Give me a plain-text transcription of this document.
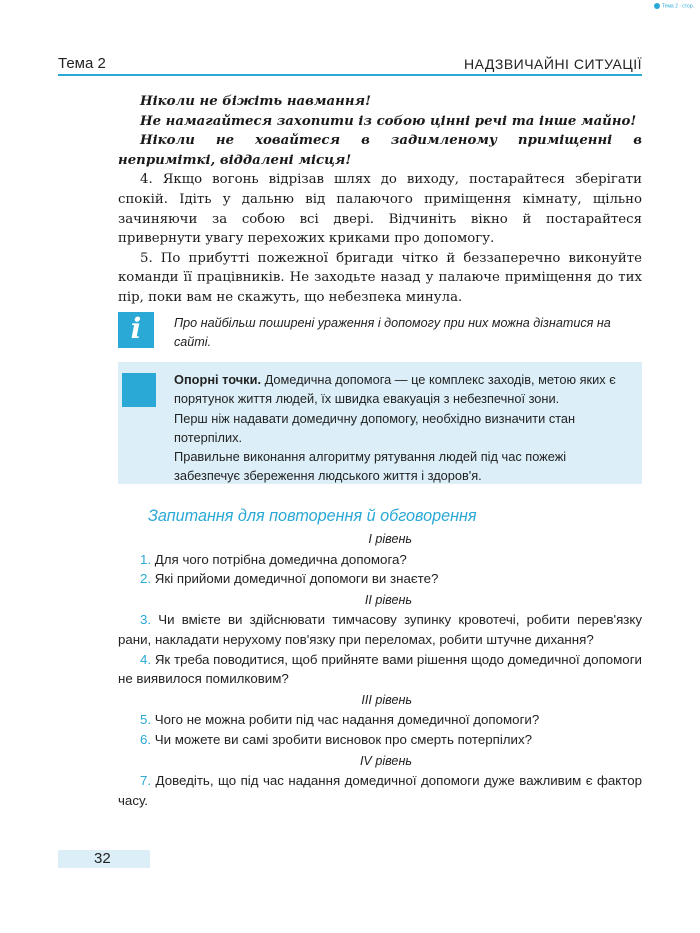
Тема 2 · стор.
Тема 2	НАДЗВИЧАЙНІ СИТУАЦІЇ

Ніколи не біжіть навмання!

Не намагайтеся захопити із собою цінні речі та інше майно!

Ніколи не ховайтеся в задимленому приміщенні в неприміткі, віддалені місця!

4. Якщо вогонь відрізав шлях до виходу, постарайтеся зберігати спокій. Ідіть у дальню від палаючого приміщення кімнату, щільно зачиняючи за собою всі двері. Відчиніть вікно й постарайтеся привернути увагу перехожих криками про допомогу.

5. По прибутті пожежної бригади чітко й беззаперечно виконуйте команди її працівників. Не заходьте назад у палаюче приміщення до тих пір, поки вам не скажуть, що небезпека минула.

i	Про найбільш поширені ураження і допомогу при них можна дізнатися на сайті.

Опорні точки. Домедична допомога — це комплекс заходів, метою яких є порятунок життя людей, їх швидка евакуація з небезпечної зони.

Перш ніж надавати домедичну допомогу, необхідно визначити стан потерпілих.

Правильне виконання алгоритму рятування людей під час пожежі забезпечує збереження людського життя і здоров'я.

Запитання для повторення й обговорення
I рівень

1. Для чого потрібна домедична допомога?

2. Які прийоми домедичної допомоги ви знаєте?

II рівень

3. Чи вмієте ви здійснювати тимчасову зупинку кровотечі, робити перев'язку рани, накладати нерухому пов'язку при переломах, робити штучне дихання?

4. Як треба поводитися, щоб прийняте вами рішення щодо домедичної допомоги не виявилося помилковим?

III рівень

5. Чого не можна робити під час надання домедичної допомоги?

6. Чи можете ви самі зробити висновок про смерть потерпілих?

IV рівень

7. Доведіть, що під час надання домедичної допомоги дуже важливим є фактор часу.

32
